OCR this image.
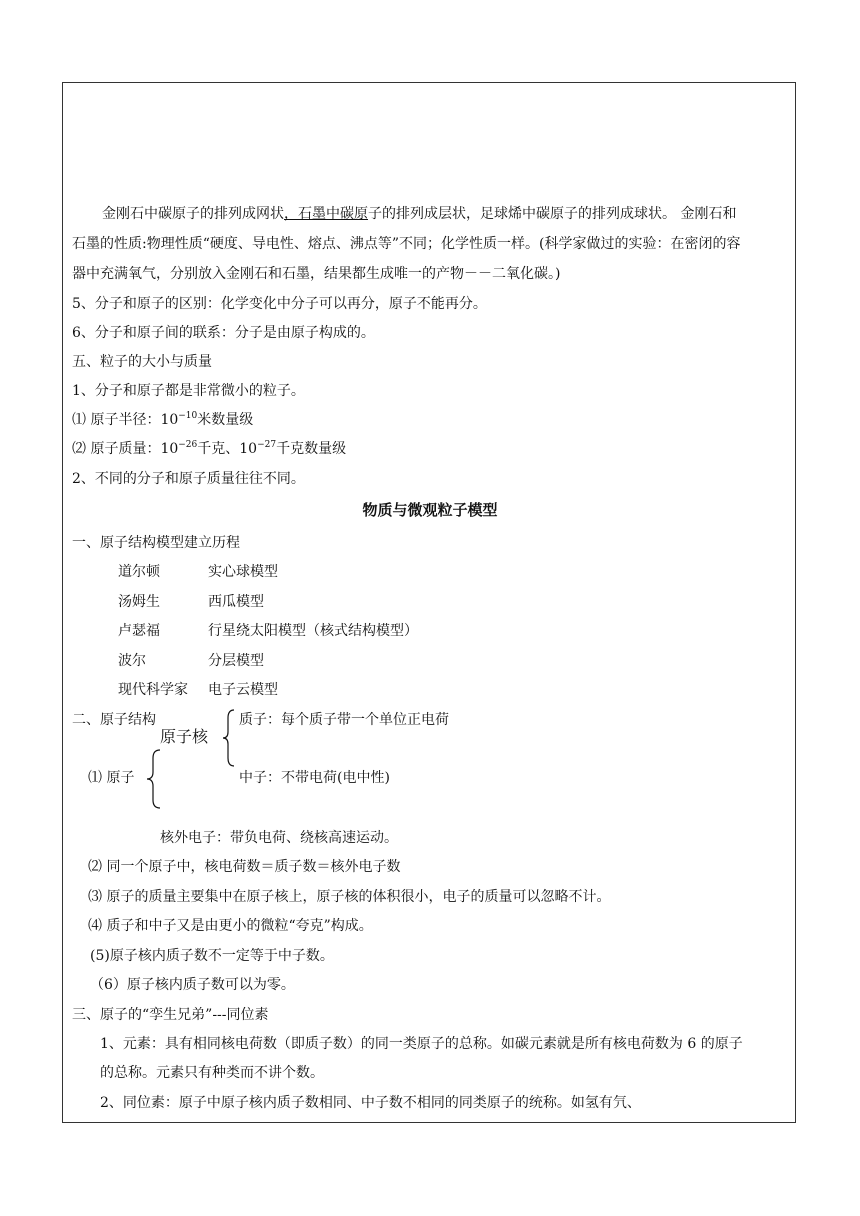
金刚石中碳原子的排列成网状，石墨中碳原子的排列成层状，足球烯中碳原子的排列成球状。 金刚石和
石墨的性质:物理性质“硬度、导电性、熔点、沸点等”不同；化学性质一样。(科学家做过的实验：在密闭的容
器中充满氧气，分别放入金刚石和石墨，结果都生成唯一的产物－－二氧化碳。)
5、分子和原子的区别：化学变化中分子可以再分，原子不能再分。
6、分子和原子间的联系：分子是由原子构成的。
五、粒子的大小与质量
1、分子和原子都是非常微小的粒子。
⑴ 原子半径：$10^{-10}$米数量级
⑵ 原子质量：$10^{-26}$千克、$10^{-27}$千克数量级
2、不同的分子和原子质量往往不同。
物质与微观粒子模型
一、原子结构模型建立历程
道尔顿	实心球模型
汤姆生	西瓜模型
卢瑟福	行星绕太阳模型（核式结构模型）
波尔	分层模型
现代科学家 电子云模型
二、原子结构
原子核
质子：每个质子带一个单位正电荷
中子：不带电荷(电中性)
⑴ 原子
核外电子：带负电荷、绕核高速运动。
⑵ 同一个原子中，核电荷数＝质子数＝核外电子数
⑶ 原子的质量主要集中在原子核上，原子核的体积很小，电子的质量可以忽略不计。
⑷ 质子和中子又是由更小的微粒“夸克”构成。
(5)原子核内质子数不一定等于中子数。
（6）原子核内质子数可以为零。
三、原子的“孪生兄弟”---同位素
1、元素：具有相同核电荷数（即质子数）的同一类原子的总称。如碳元素就是所有核电荷数为 6 的原子
的总称。元素只有种类而不讲个数。
2、同位素：原子中原子核内质子数相同、中子数不相同的同类原子的统称。如氢有氕、
